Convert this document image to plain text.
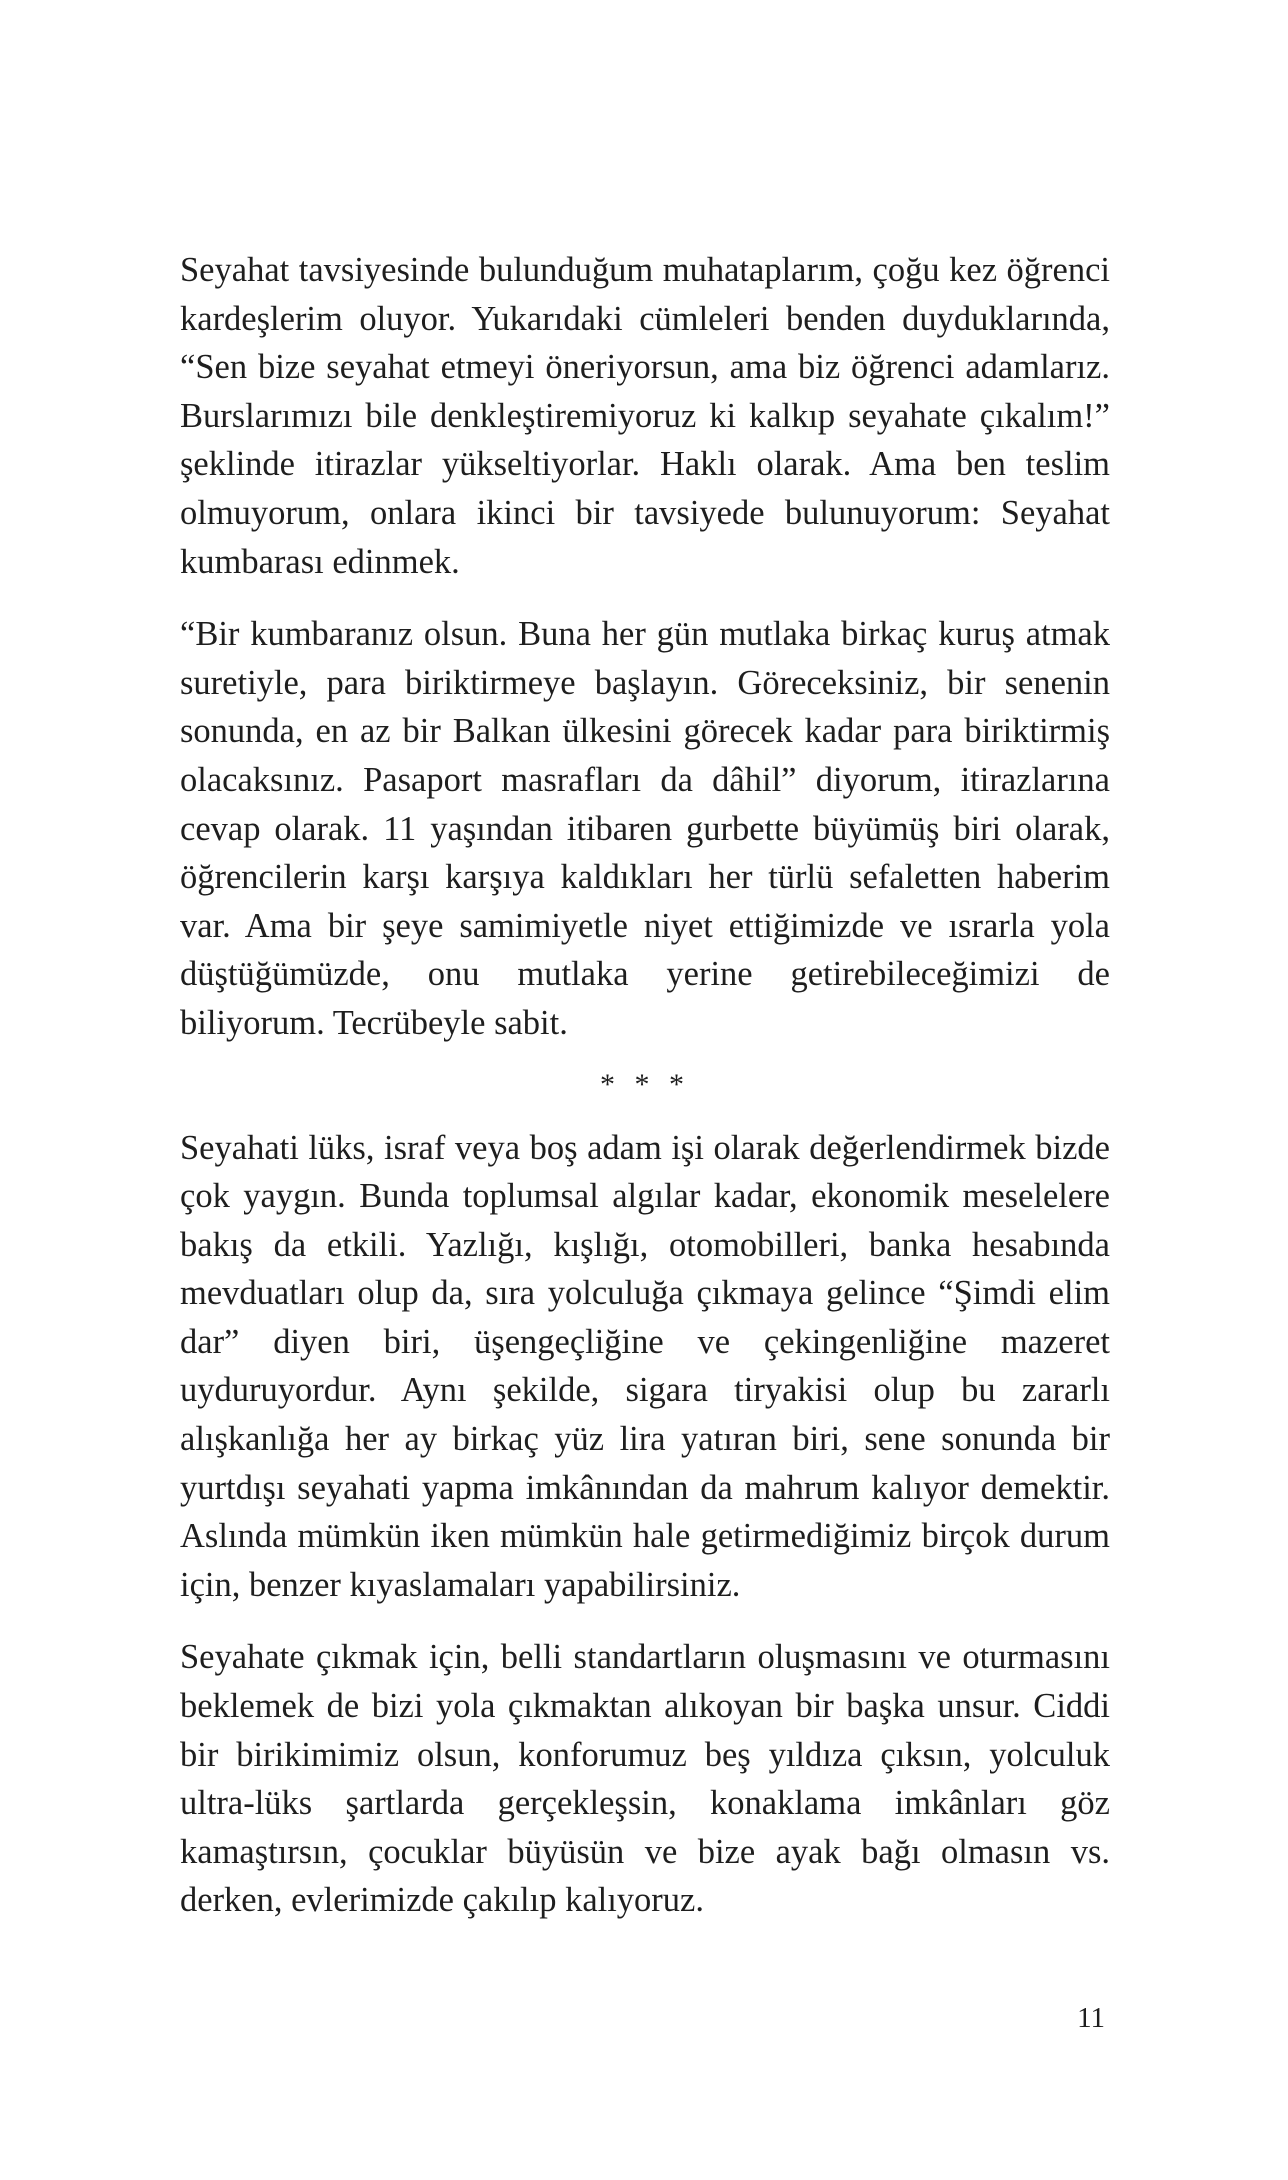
Seyahat tavsiyesinde bulunduğum muhataplarım, çoğu kez öğrenci kardeşlerim oluyor. Yukarıdaki cümleleri benden duyduklarında, “Sen bize seyahat etmeyi öneriyorsun, ama biz öğrenci adamlarız. Burslarımızı bile denkleştiremiyoruz ki kalkıp seyahate çıkalım!” şeklinde itirazlar yükseltiyorlar. Haklı olarak. Ama ben teslim olmuyorum, onlara ikinci bir tavsiyede bulunuyorum: Seyahat kumbarası edinmek.

“Bir kumbaranız olsun. Buna her gün mutlaka birkaç kuruş atmak suretiyle, para biriktirmeye başlayın. Göreceksiniz, bir senenin sonunda, en az bir Balkan ülkesini görecek kadar para biriktirmiş olacaksınız. Pasaport masrafları da dâhil” diyorum, itirazlarına cevap olarak. 11 yaşından itibaren gurbette büyümüş biri olarak, öğrencilerin karşı karşıya kaldıkları her türlü sefaletten haberim var. Ama bir şeye samimiyetle niyet ettiğimizde ve ısrarla yola düştüğümüzde, onu mutlaka yerine getirebileceğimizi de biliyorum. Tecrübeyle sabit.

* * *

Seyahati lüks, israf veya boş adam işi olarak değerlendirmek bizde çok yaygın. Bunda toplumsal algılar kadar, ekonomik meselelere bakış da etkili. Yazlığı, kışlığı, otomobilleri, banka hesabında mevduatları olup da, sıra yolculuğa çıkmaya gelince “Şimdi elim dar” diyen biri, üşengeçliğine ve çekingenliğine mazeret uyduruyordur. Aynı şekilde, sigara tiryakisi olup bu zararlı alışkanlığa her ay birkaç yüz lira yatıran biri, sene sonunda bir yurtdışı seyahati yapma imkânından da mahrum kalıyor demektir. Aslında mümkün iken mümkün hale getirmediğimiz birçok durum için, benzer kıyaslamaları yapabilirsiniz.

Seyahate çıkmak için, belli standartların oluşmasını ve oturmasını beklemek de bizi yola çıkmaktan alıkoyan bir başka unsur. Ciddi bir birikimimiz olsun, konforumuz beş yıldıza çıksın, yolculuk ultra-lüks şartlarda gerçekleşsin, konaklama imkânları göz kamaştırsın, çocuklar büyüsün ve bize ayak bağı olmasın vs. derken, evlerimizde çakılıp kalıyoruz.

11
